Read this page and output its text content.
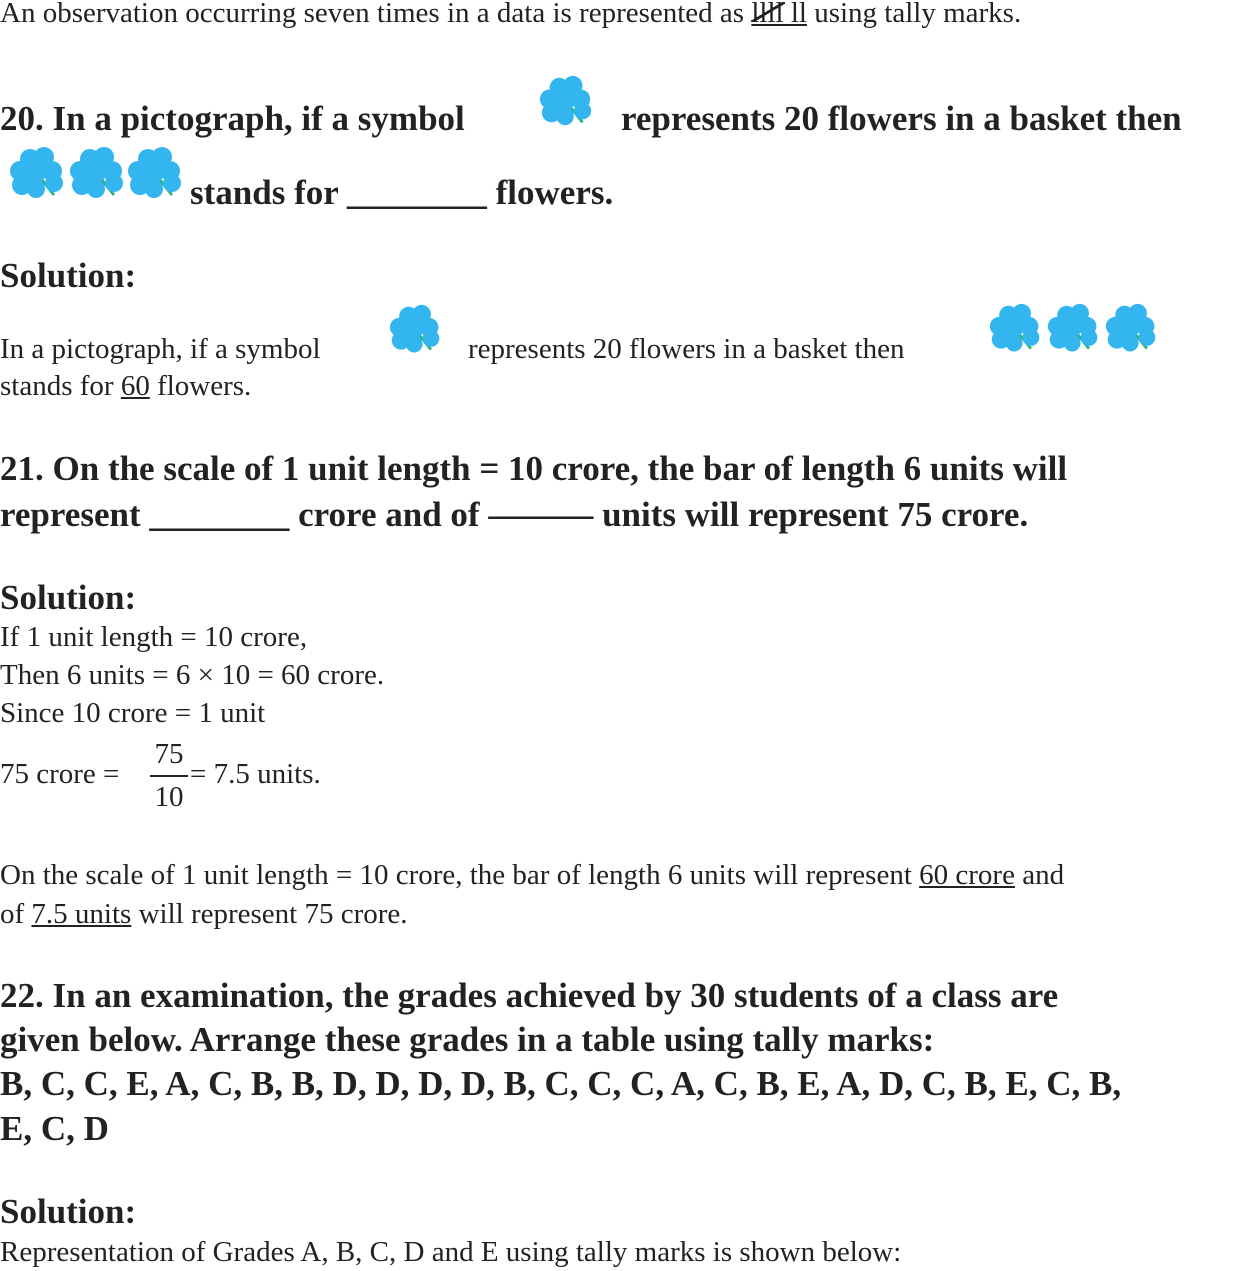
An observation occurring seven times in a data is represented as llll ll using tally marks.
20. In a pictograph, if a symbol	represents 20 flowers in a basket then
stands for ________ flowers.
Solution:
In a pictograph, if a symbol	represents 20 flowers in a basket then
stands for 60 flowers.
21. On the scale of 1 unit length = 10 crore, the bar of length 6 units will
represent ________ crore and of ——— units will represent 75 crore.
Solution:
If 1 unit length = 10 crore,
Then 6 units = 6 × 10 = 60 crore.
Since 10 crore = 1 unit
75 crore =
75
10
= 7.5 units.
On the scale of 1 unit length = 10 crore, the bar of length 6 units will represent 60 crore and
of 7.5 units will represent 75 crore.
22. In an examination, the grades achieved by 30 students of a class are
given below. Arrange these grades in a table using tally marks:
B, C, C, E, A, C, B, B, D, D, D, D, B, C, C, C, A, C, B, E, A, D, C, B, E, C, B,
E, C, D
Solution:
Representation of Grades A, B, C, D and E using tally marks is shown below:
